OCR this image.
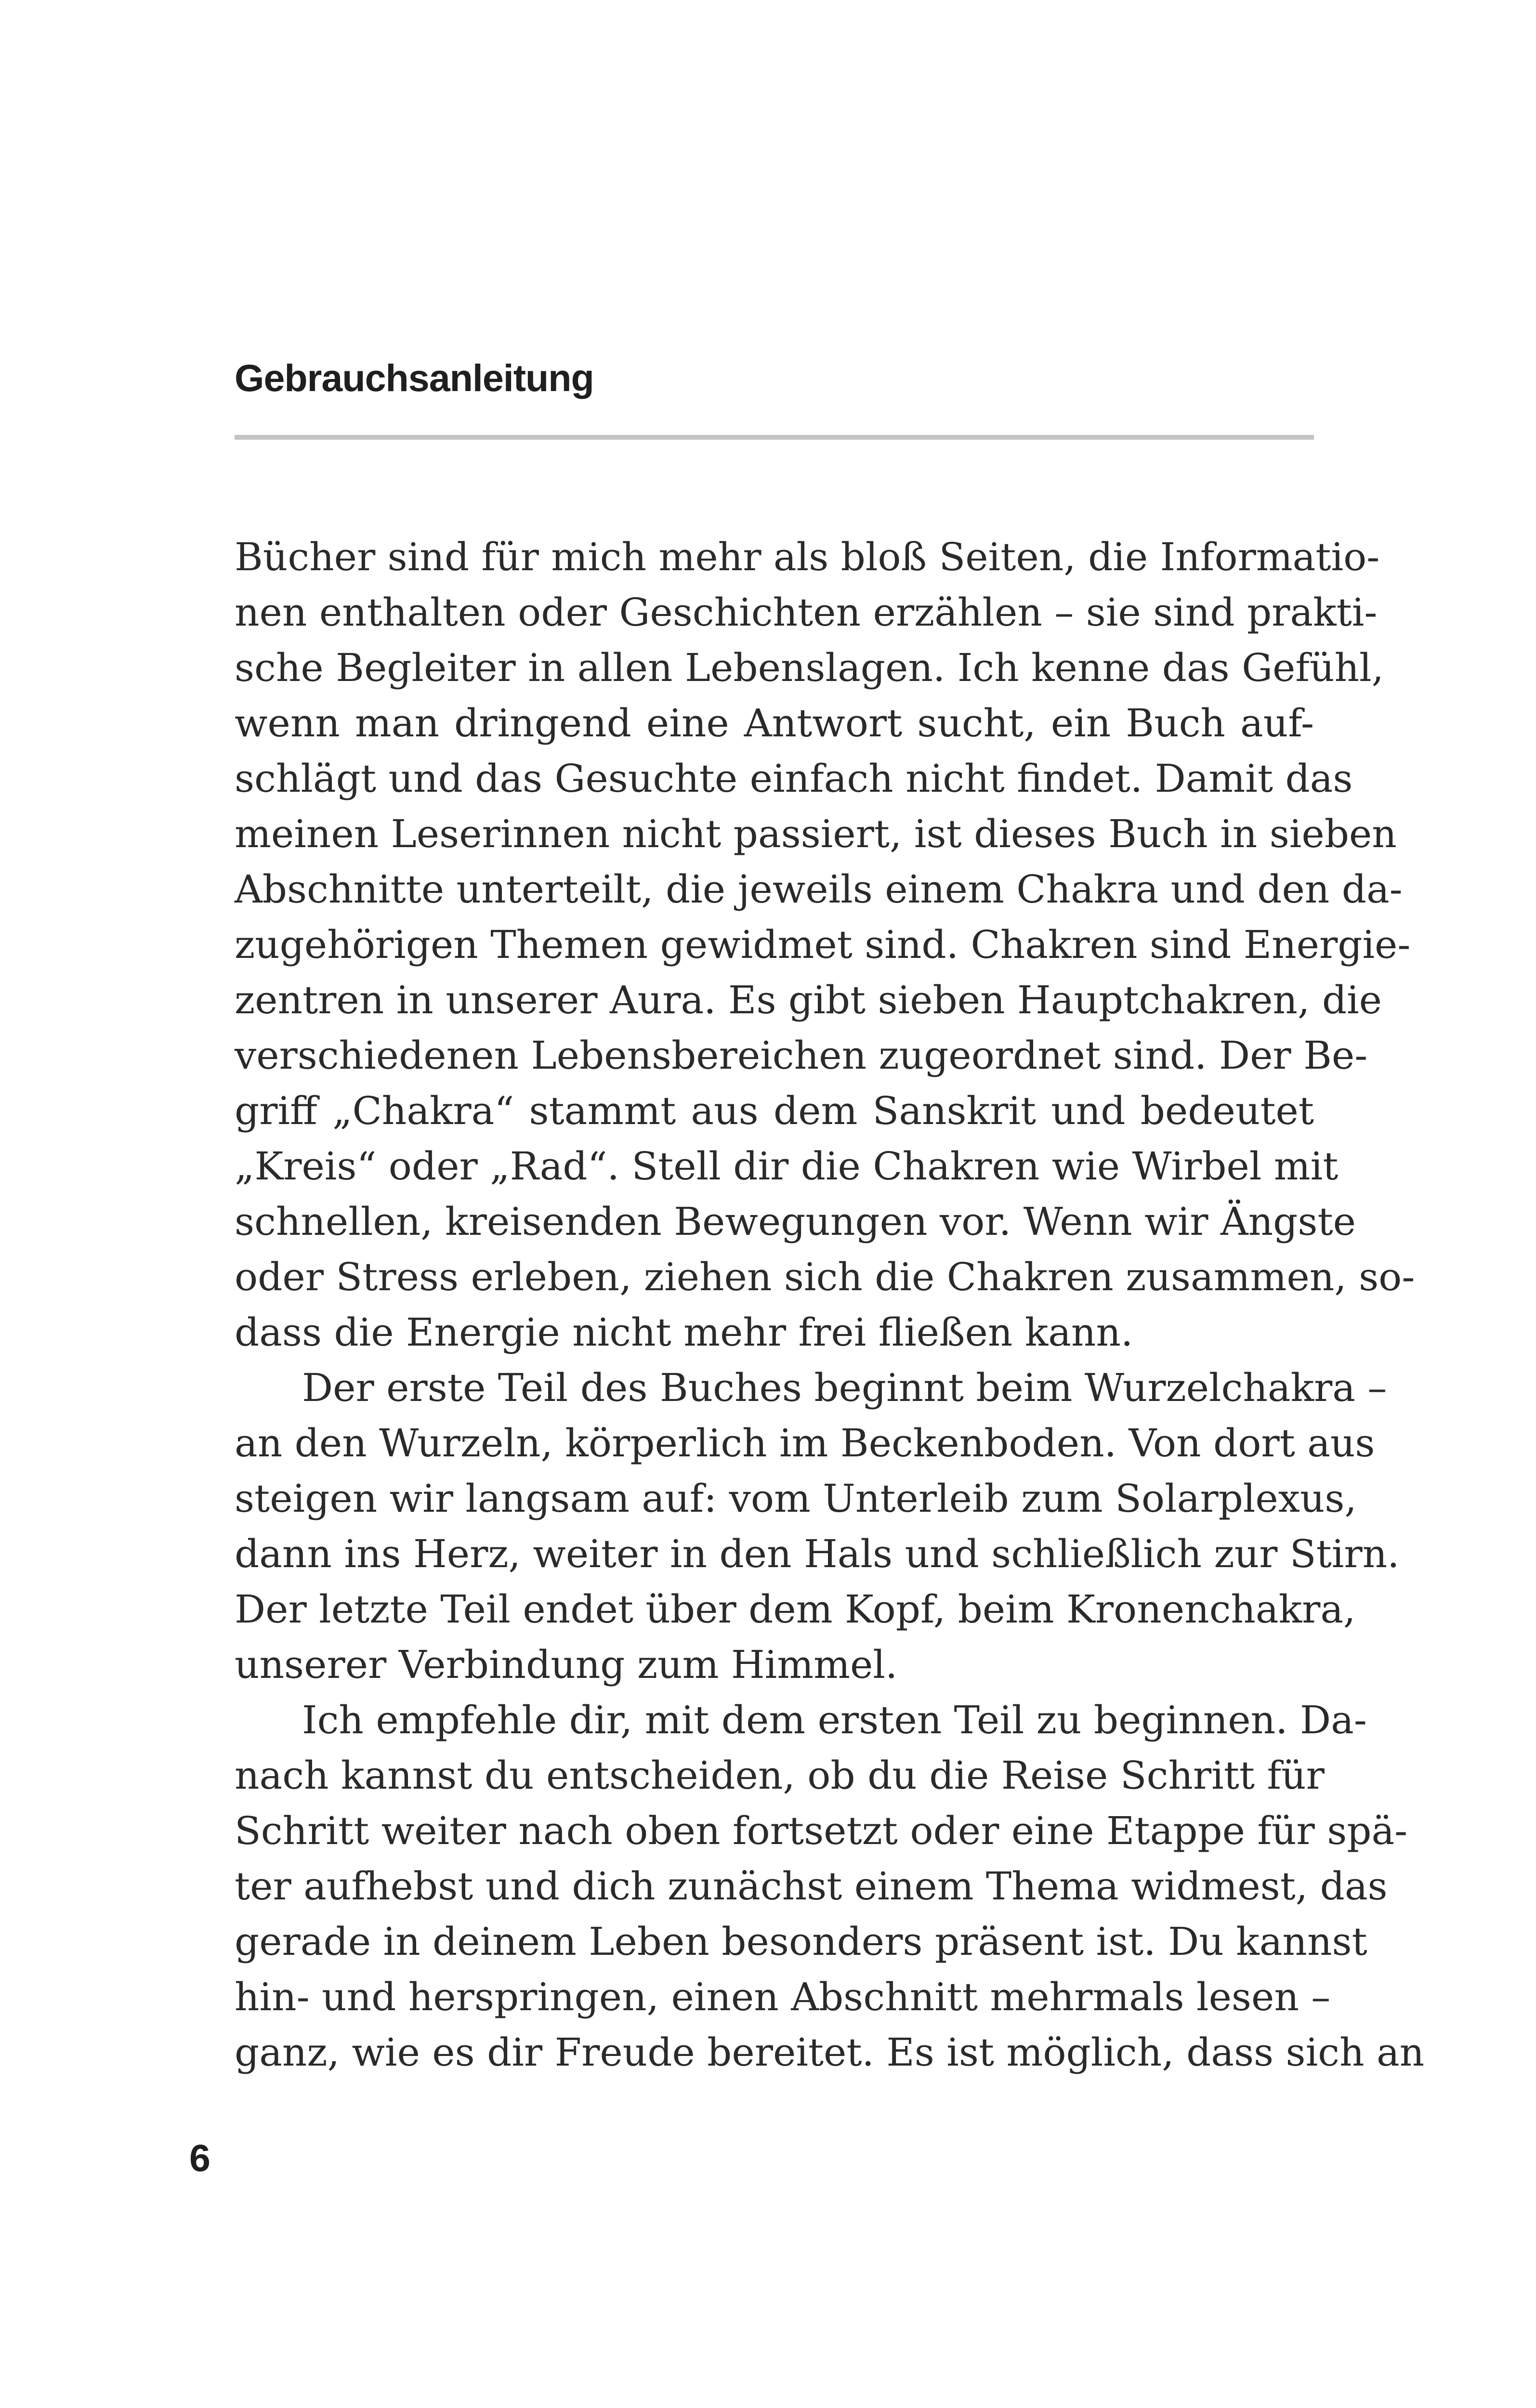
Gebrauchsanleitung
Bücher sind für mich mehr als bloß Seiten, die Informatio-
nen enthalten oder Geschichten erzählen – sie sind prakti-
sche Begleiter in allen Lebenslagen. Ich kenne das Gefühl,
wenn man dringend eine Antwort sucht, ein Buch auf-
schlägt und das Gesuchte einfach nicht findet. Damit das
meinen Leserinnen nicht passiert, ist dieses Buch in sieben
Abschnitte unterteilt, die jeweils einem Chakra und den da-
zugehörigen Themen gewidmet sind. Chakren sind Energie-
zentren in unserer Aura. Es gibt sieben Hauptchakren, die
verschiedenen Lebensbereichen zugeordnet sind. Der Be-
griff „Chakra“ stammt aus dem Sanskrit und bedeutet
„Kreis“ oder „Rad“. Stell dir die Chakren wie Wirbel mit
schnellen, kreisenden Bewegungen vor. Wenn wir Ängste
oder Stress erleben, ziehen sich die Chakren zusammen, so-
dass die Energie nicht mehr frei fließen kann.
Der erste Teil des Buches beginnt beim Wurzelchakra –
an den Wurzeln, körperlich im Beckenboden. Von dort aus
steigen wir langsam auf: vom Unterleib zum Solarplexus,
dann ins Herz, weiter in den Hals und schließlich zur Stirn.
Der letzte Teil endet über dem Kopf, beim Kronenchakra,
unserer Verbindung zum Himmel.
Ich empfehle dir, mit dem ersten Teil zu beginnen. Da-
nach kannst du entscheiden, ob du die Reise Schritt für
Schritt weiter nach oben fortsetzt oder eine Etappe für spä-
ter aufhebst und dich zunächst einem Thema widmest, das
gerade in deinem Leben besonders präsent ist. Du kannst
hin- und herspringen, einen Abschnitt mehrmals lesen –
ganz, wie es dir Freude bereitet. Es ist möglich, dass sich an
6
